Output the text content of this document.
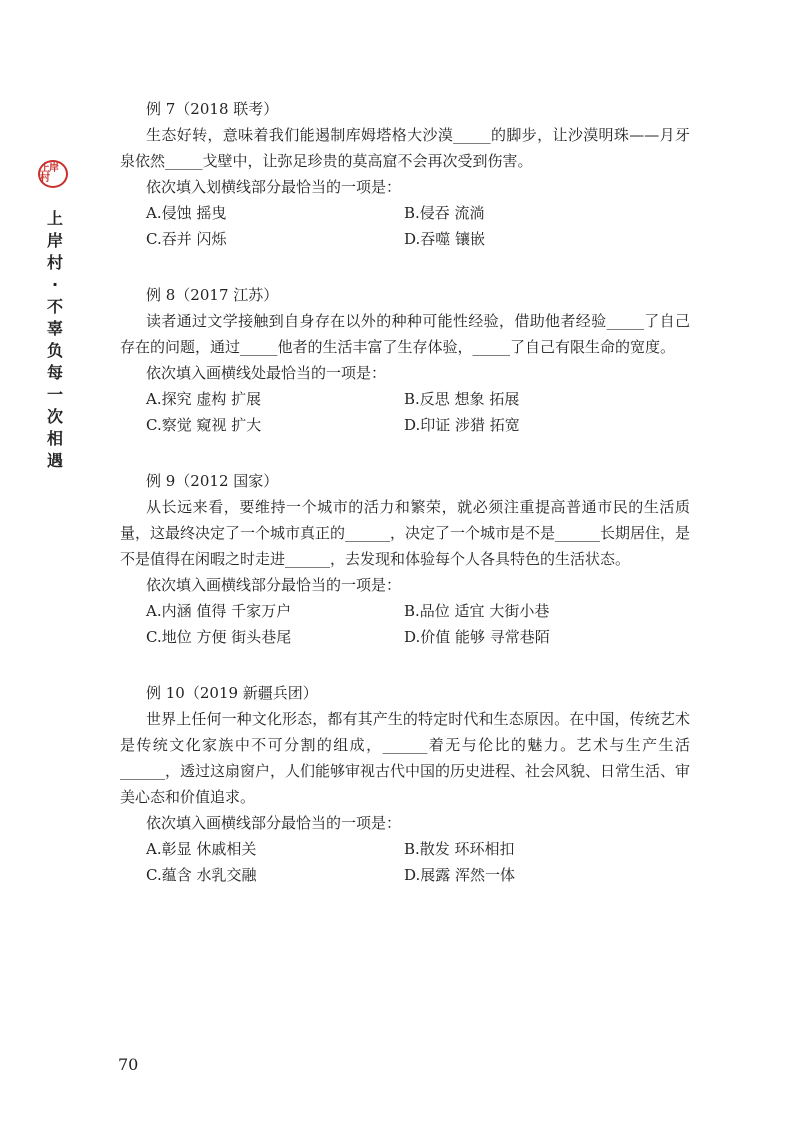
上岸村
上岸村·不辜负每一次相遇

例 7（2018 联考）

生态好转，意味着我们能遏制库姆塔格大沙漠_____的脚步，让沙漠明珠——月牙泉依然_____戈壁中，让弥足珍贵的莫高窟不会再次受到伤害。

依次填入划横线部分最恰当的一项是：

A.侵蚀 摇曳	B.侵吞 流淌

C.吞并 闪烁	D.吞噬 镶嵌

例 8（2017 江苏）

读者通过文学接触到自身存在以外的种种可能性经验，借助他者经验_____了自己存在的问题，通过_____他者的生活丰富了生存体验，_____了自己有限生命的宽度。

依次填入画横线处最恰当的一项是：

A.探究 虚构 扩展	B.反思 想象 拓展

C.察觉 窥视 扩大	D.印证 涉猎 拓宽

例 9（2012 国家）

从长远来看，要维持一个城市的活力和繁荣，就必须注重提高普通市民的生活质量，这最终决定了一个城市真正的______，决定了一个城市是不是______长期居住，是不是值得在闲暇之时走进______，去发现和体验每个人各具特色的生活状态。

依次填入画横线部分最恰当的一项是：

A.内涵 值得 千家万户	B.品位 适宜 大街小巷

C.地位 方便 街头巷尾	D.价值 能够 寻常巷陌

例 10（2019 新疆兵团）

世界上任何一种文化形态，都有其产生的特定时代和生态原因。在中国，传统艺术是传统文化家族中不可分割的组成，______着无与伦比的魅力。艺术与生产生活______，透过这扇窗户，人们能够审视古代中国的历史进程、社会风貌、日常生活、审美心态和价值追求。

依次填入画横线部分最恰当的一项是：

A.彰显 休戚相关	B.散发 环环相扣

C.蕴含 水乳交融	D.展露 浑然一体

70
